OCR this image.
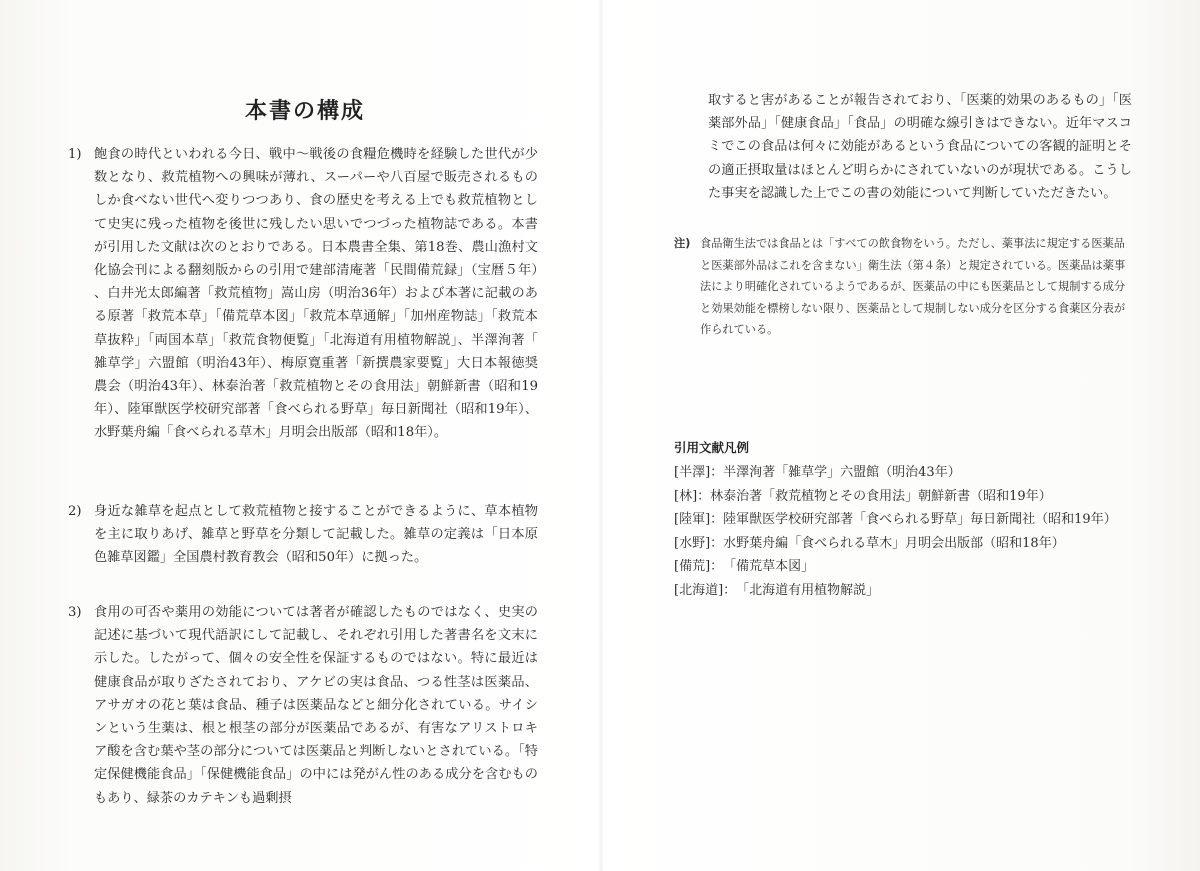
本書の構成
1) 飽食の時代といわれる今日、戦中～戦後の食糧危機時を経験した世代が少数となり、救荒植物への興味が薄れ、スーパーや八百屋で販売されるものしか食べない世代へ変りつつあり、食の歴史を考える上でも救荒植物として史実に残った植物を後世に残したい思いでつづった植物誌である。本書が引用した文献は次のとおりである。日本農書全集、第18巻、農山漁村文化協会刊による翻刻版からの引用で建部清庵著「民間備荒録」（宝暦５年）、白井光太郎編著「救荒植物」嵩山房（明治36年）および本著に記載のある原著「救荒本草」「備荒草本図」「救荒本草通解」「加州産物誌」「救荒本草抜粋」「両国本草」「救荒食物便覧」「北海道有用植物解説」、半澤洵著「雑草学」六盟館（明治43年）、梅原寛重著「新撰農家要覧」大日本報徳奨農会（明治43年）、林泰治著「救荒植物とその食用法」朝鮮新書（昭和19年）、陸軍獣医学校研究部著「食べられる野草」毎日新聞社（昭和19年）、水野葉舟編「食べられる草木」月明会出版部（昭和18年）。
2) 身近な雑草を起点として救荒植物と接することができるように、草本植物を主に取りあげ、雑草と野草を分類して記載した。雑草の定義は「日本原色雑草図鑑」全国農村教育教会（昭和50年）に拠った。
3) 食用の可否や薬用の効能については著者が確認したものではなく、史実の記述に基づいて現代語訳にして記載し、それぞれ引用した著書名を文末に示した。したがって、個々の安全性を保証するものではない。特に最近は健康食品が取りざたされており、アケビの実は食品、つる性茎は医薬品、アサガオの花と葉は食品、種子は医薬品などと細分化されている。サイシンという生薬は、根と根茎の部分が医薬品であるが、有害なアリストロキア酸を含む葉や茎の部分については医薬品と判断しないとされている。「特定保健機能食品」「保健機能食品」の中には発がん性のある成分を含むものもあり、緑茶のカテキンも過剰摂
取すると害があることが報告されており、「医薬的効果のあるもの」「医薬部外品」「健康食品」「食品」の明確な線引きはできない。近年マスコミでこの食品は何々に効能があるという食品についての客観的証明とその適正摂取量はほとんど明らかにされていないのが現状である。こうした事実を認識した上でこの書の効能について判断していただきたい。
注) 食品衛生法では食品とは「すべての飲食物をいう。ただし、薬事法に規定する医薬品と医薬部外品はこれを含まない」衛生法（第４条）と規定されている。医薬品は薬事法により明確化されているようであるが、医薬品の中にも医薬品として規制する成分と効果効能を標榜しない限り、医薬品として規制しない成分を区分する食薬区分表が作られている。
引用文献凡例
[半澤]： 半澤洵著「雑草学」六盟館（明治43年）
[林]： 林泰治著「救荒植物とその食用法」朝鮮新書（昭和19年）
[陸軍]： 陸軍獣医学校研究部著「食べられる野草」毎日新聞社（昭和19年）
[水野]： 水野葉舟編「食べられる草木」月明会出版部（昭和18年）
[備荒]： 「備荒草本図」
[北海道]： 「北海道有用植物解説」
